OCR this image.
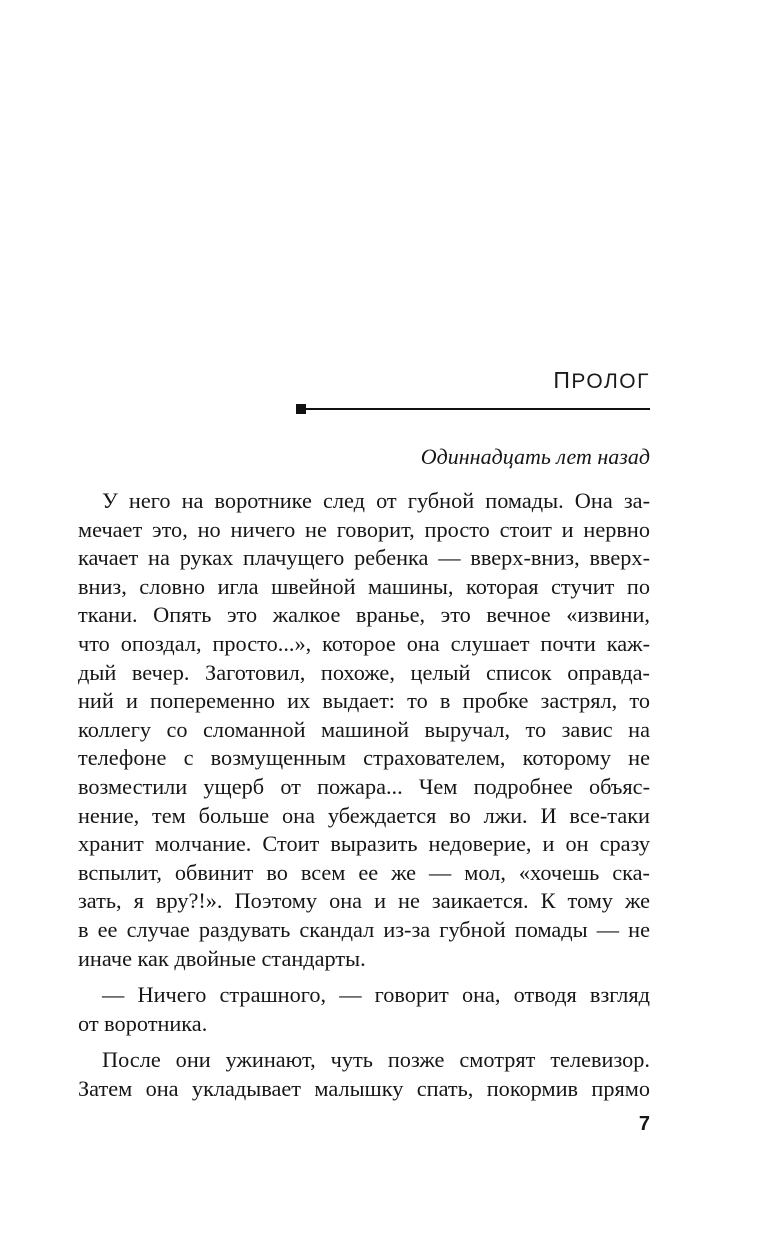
ПРОЛОГ
Одиннадцать лет назад
У него на воротнике след от губной помады. Она за-
мечает это, но ничего не говорит, просто стоит и нервно
качает на руках плачущего ребенка — вверх-вниз, вверх-
вниз, словно игла швейной машины, которая стучит по
ткани. Опять это жалкое вранье, это вечное «извини,
что опоздал, просто...», которое она слушает почти каж-
дый вечер. Заготовил, похоже, целый список оправда-
ний и попеременно их выдает: то в пробке застрял, то
коллегу со сломанной машиной выручал, то завис на
телефоне с возмущенным страхователем, которому не
возместили ущерб от пожара... Чем подробнее объяс-
нение, тем больше она убеждается во лжи. И все-таки
хранит молчание. Стоит выразить недоверие, и он сразу
вспылит, обвинит во всем ее же — мол, «хочешь ска-
зать, я вру?!». Поэтому она и не заикается. К тому же
в ее случае раздувать скандал из-за губной помады — не
иначе как двойные стандарты.
— Ничего страшного, — говорит она, отводя взгляд
от воротника.
После они ужинают, чуть позже смотрят телевизор.
Затем она укладывает малышку спать, покормив прямо
7
